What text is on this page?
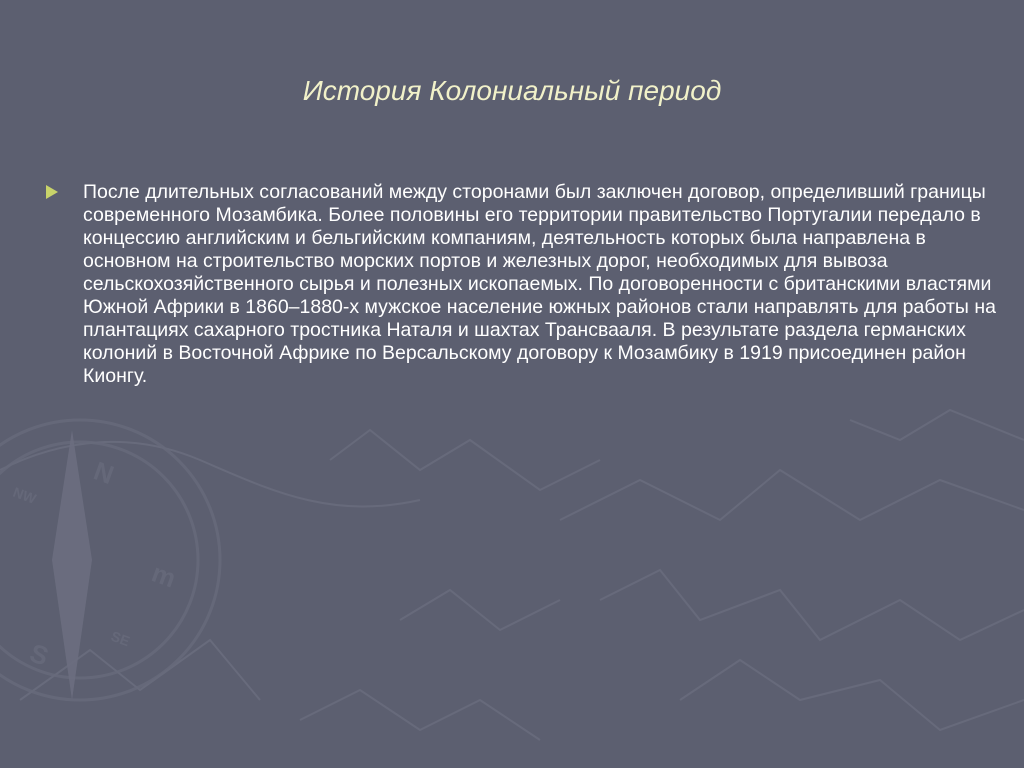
N
S
m
NW
SE
История Колониальный период

После длительных согласований между сторонами был заключен договор, определивший границы современного Мозамбика. Более половины его территории правительство Португалии передало в концессию английским и бельгийским компаниям, деятельность которых была направлена в основном на строительство морских портов и железных дорог, необходимых для вывоза сельскохозяйственного сырья и полезных ископаемых. По договоренности с британскими властями Южной Африки в 1860–1880-х мужское население южных районов стали направлять для работы на плантациях сахарного тростника Наталя и шахтах Трансвааля. В результате раздела германских колоний в Восточной Африке по Версальскому договору к Мозамбику в 1919 присоединен район Кионгу.
